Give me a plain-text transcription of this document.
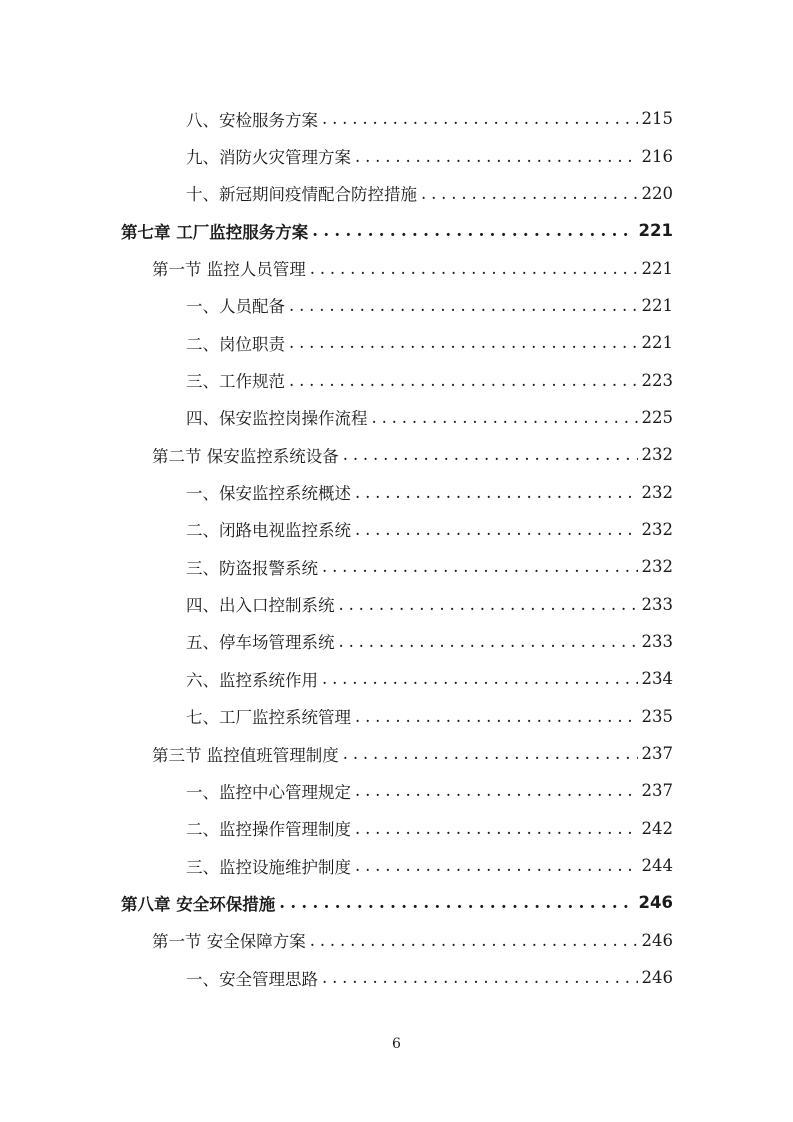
八、安检服务方案 . . .	215
九、消防火灾管理方案 . . .	216
十、新冠期间疫情配合防控措施 . . .	220
第七章 工厂监控服务方案 . . .	221
第一节 监控人员管理 . . .	221
一、人员配备 . . .	221
二、岗位职责 . . .	221
三、工作规范 . . .	223
四、保安监控岗操作流程 . . .	225
第二节 保安监控系统设备 . . .	232
一、保安监控系统概述 . . .	232
二、闭路电视监控系统 . . .	232
三、防盗报警系统 . . .	232
四、出入口控制系统 . . .	233
五、停车场管理系统 . . .	233
六、监控系统作用 . . .	234
七、工厂监控系统管理 . . .	235
第三节 监控值班管理制度 . . .	237
一、监控中心管理规定 . . .	237
二、监控操作管理制度 . . .	242
三、监控设施维护制度 . . .	244
第八章 安全环保措施 . . .	246
第一节 安全保障方案 . . .	246
一、安全管理思路 . . .	246
6
